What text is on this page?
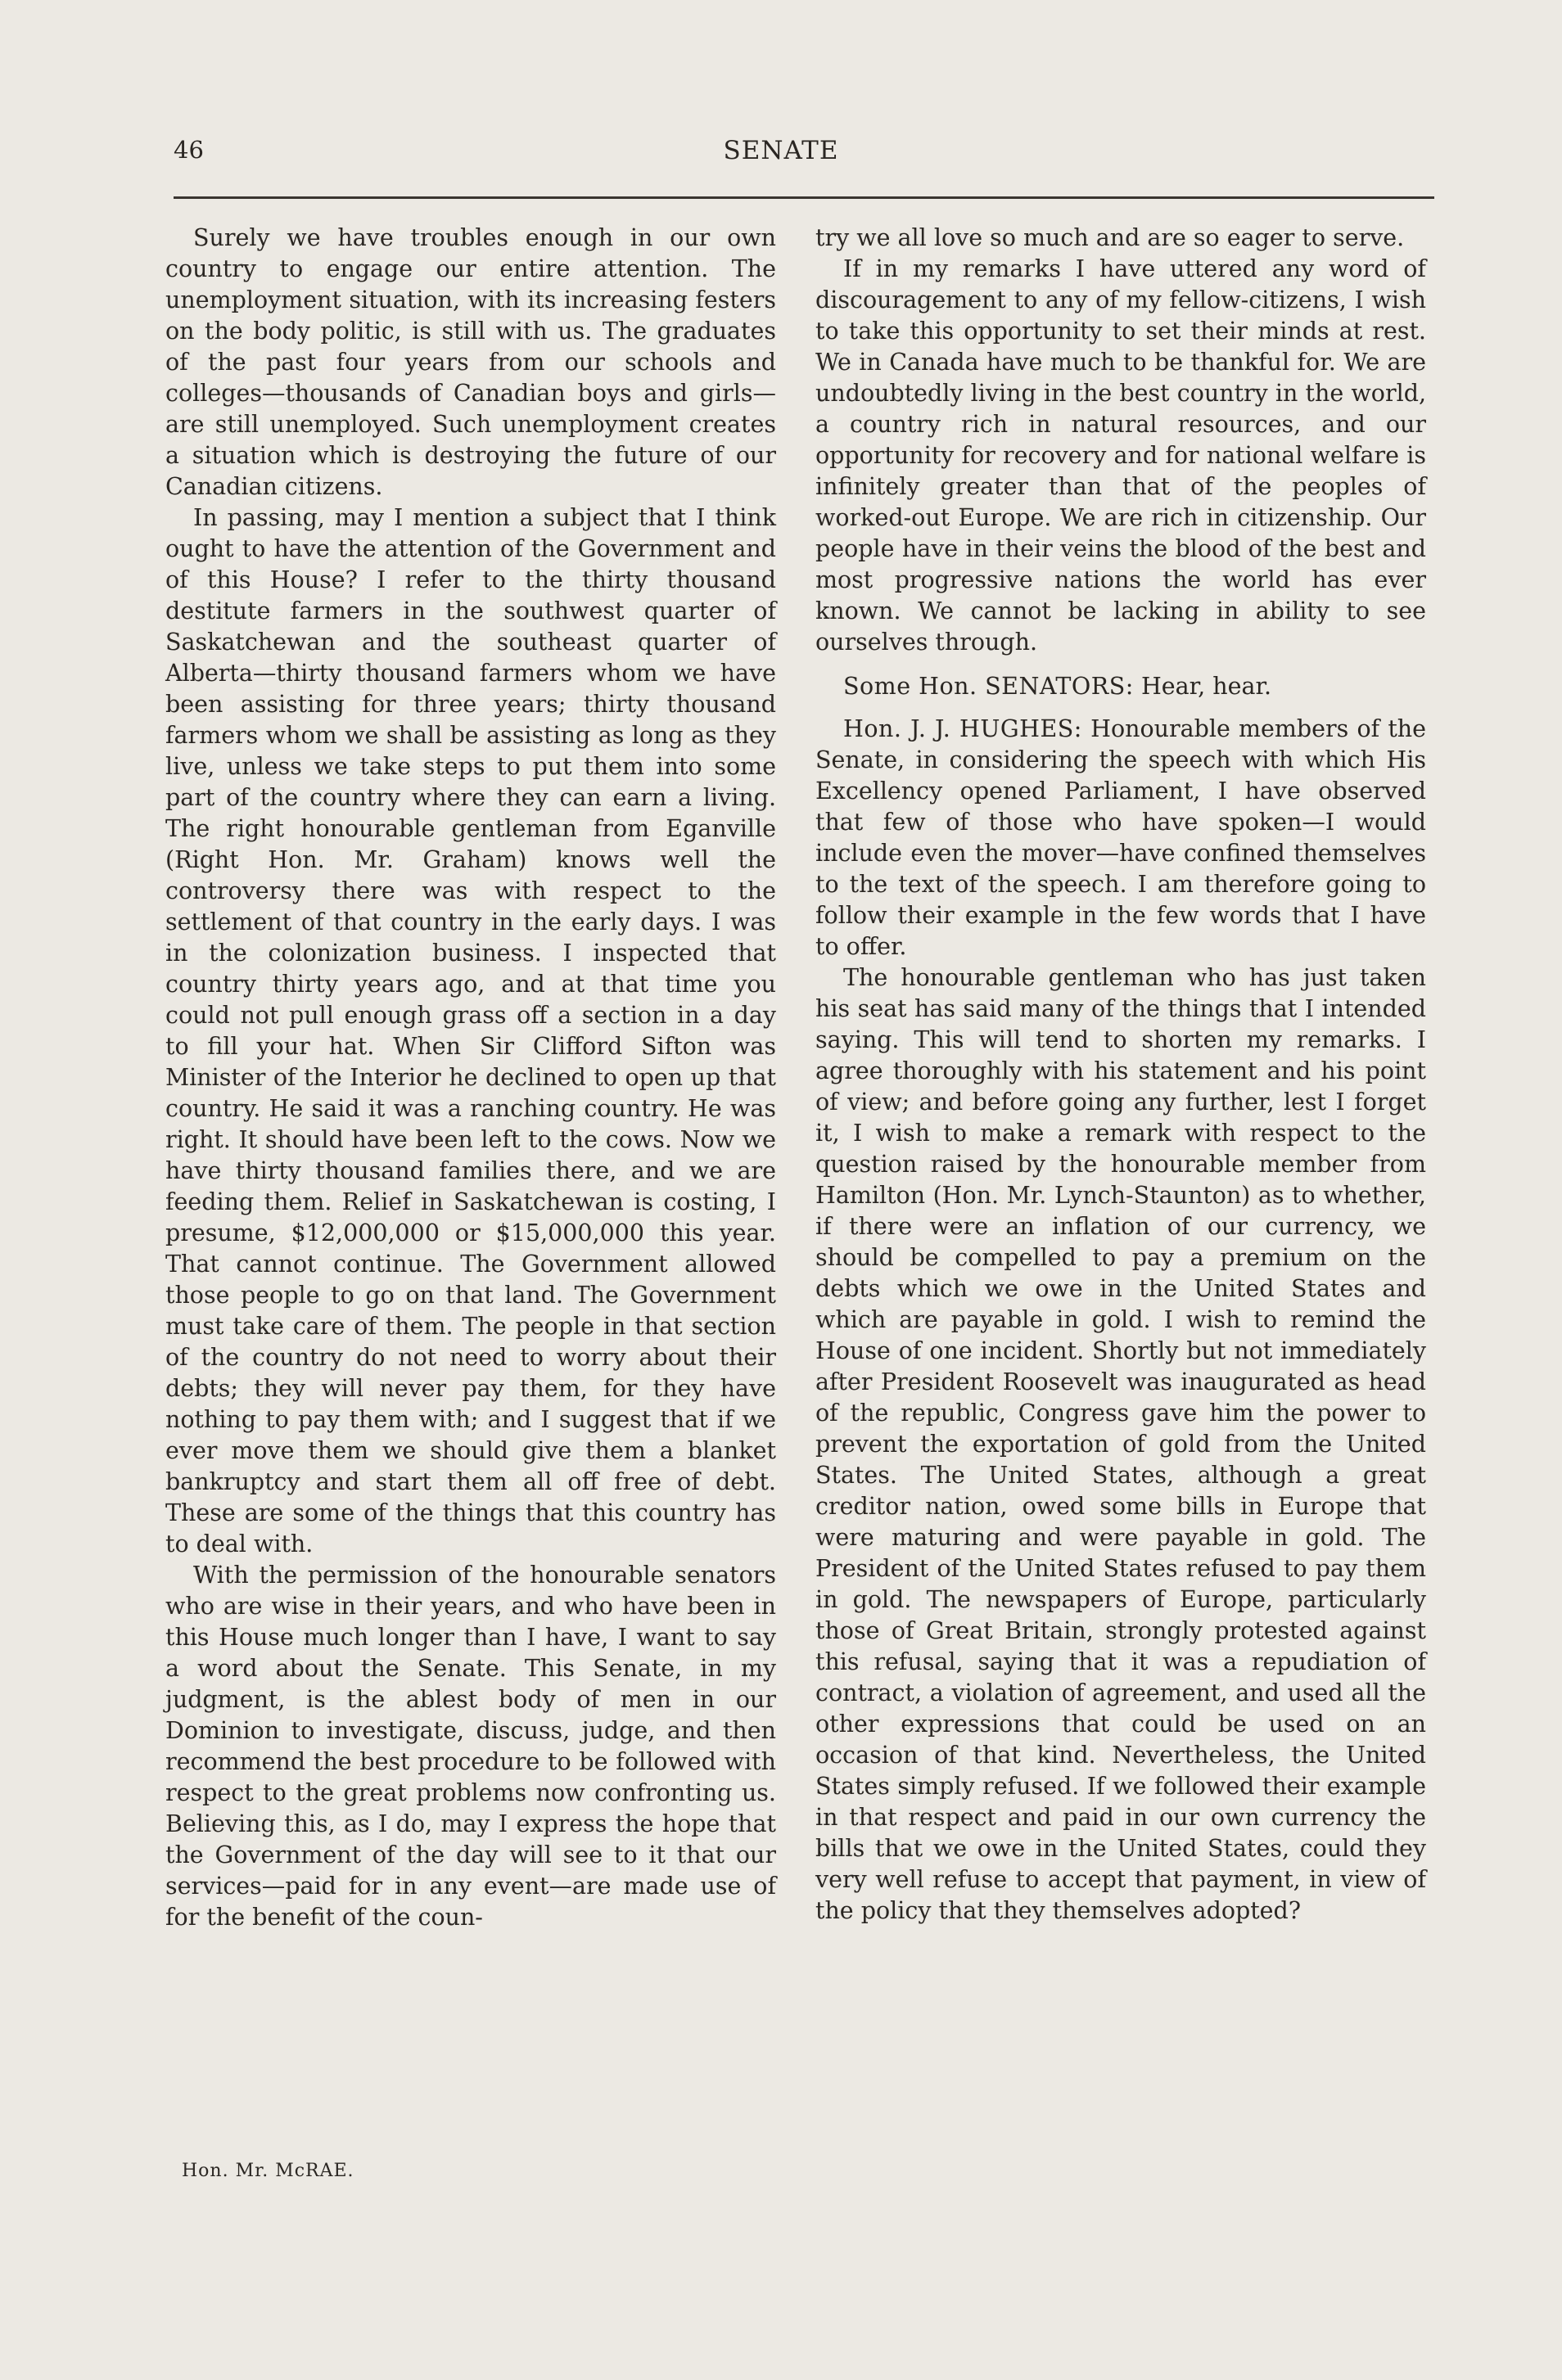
46	SENATE

Surely we have troubles enough in our own country to engage our entire attention. The unemployment situation, with its increasing festers on the body politic, is still with us. The graduates of the past four years from our schools and colleges—thousands of Canadian boys and girls—are still unemployed. Such unemployment creates a situation which is destroying the future of our Canadian citizens.

In passing, may I mention a subject that I think ought to have the attention of the Government and of this House? I refer to the thirty thousand destitute farmers in the southwest quarter of Saskatchewan and the southeast quarter of Alberta—thirty thousand farmers whom we have been assisting for three years; thirty thousand farmers whom we shall be assisting as long as they live, unless we take steps to put them into some part of the country where they can earn a living. The right honourable gentleman from Eganville (Right Hon. Mr. Graham) knows well the controversy there was with respect to the settlement of that country in the early days. I was in the colonization business. I inspected that country thirty years ago, and at that time you could not pull enough grass off a section in a day to fill your hat. When Sir Clifford Sifton was Minister of the Interior he declined to open up that country. He said it was a ranching country. He was right. It should have been left to the cows. Now we have thirty thousand families there, and we are feeding them. Relief in Saskatchewan is costing, I presume, $12,000,000 or $15,000,000 this year. That cannot continue. The Government allowed those people to go on that land. The Government must take care of them. The people in that section of the country do not need to worry about their debts; they will never pay them, for they have nothing to pay them with; and I suggest that if we ever move them we should give them a blanket bankruptcy and start them all off free of debt. These are some of the things that this country has to deal with.

With the permission of the honourable senators who are wise in their years, and who have been in this House much longer than I have, I want to say a word about the Senate. This Senate, in my judgment, is the ablest body of men in our Dominion to investigate, discuss, judge, and then recommend the best procedure to be followed with respect to the great problems now confronting us. Believing this, as I do, may I express the hope that the Government of the day will see to it that our services—paid for in any event—are made use of for the benefit of the coun-

try we all love so much and are so eager to serve.

If in my remarks I have uttered any word of discouragement to any of my fellow-citizens, I wish to take this opportunity to set their minds at rest. We in Canada have much to be thankful for. We are undoubtedly living in the best country in the world, a country rich in natural resources, and our opportunity for recovery and for national welfare is infinitely greater than that of the peoples of worked-out Europe. We are rich in citizenship. Our people have in their veins the blood of the best and most progressive nations the world has ever known. We cannot be lacking in ability to see ourselves through.

Some Hon. SENATORS: Hear, hear.

Hon. J. J. HUGHES: Honourable members of the Senate, in considering the speech with which His Excellency opened Parliament, I have observed that few of those who have spoken—I would include even the mover—have confined themselves to the text of the speech. I am therefore going to follow their example in the few words that I have to offer.

The honourable gentleman who has just taken his seat has said many of the things that I intended saying. This will tend to shorten my remarks. I agree thoroughly with his statement and his point of view; and before going any further, lest I forget it, I wish to make a remark with respect to the question raised by the honourable member from Hamilton (Hon. Mr. Lynch-Staunton) as to whether, if there were an inflation of our currency, we should be compelled to pay a premium on the debts which we owe in the United States and which are payable in gold. I wish to remind the House of one incident. Shortly but not immediately after President Roosevelt was inaugurated as head of the republic, Congress gave him the power to prevent the exportation of gold from the United States. The United States, although a great creditor nation, owed some bills in Europe that were maturing and were payable in gold. The President of the United States refused to pay them in gold. The newspapers of Europe, particularly those of Great Britain, strongly protested against this refusal, saying that it was a repudiation of contract, a violation of agreement, and used all the other expressions that could be used on an occasion of that kind. Nevertheless, the United States simply refused. If we followed their example in that respect and paid in our own currency the bills that we owe in the United States, could they very well refuse to accept that payment, in view of the policy that they themselves adopted?

Hon. Mr. McRAE.
